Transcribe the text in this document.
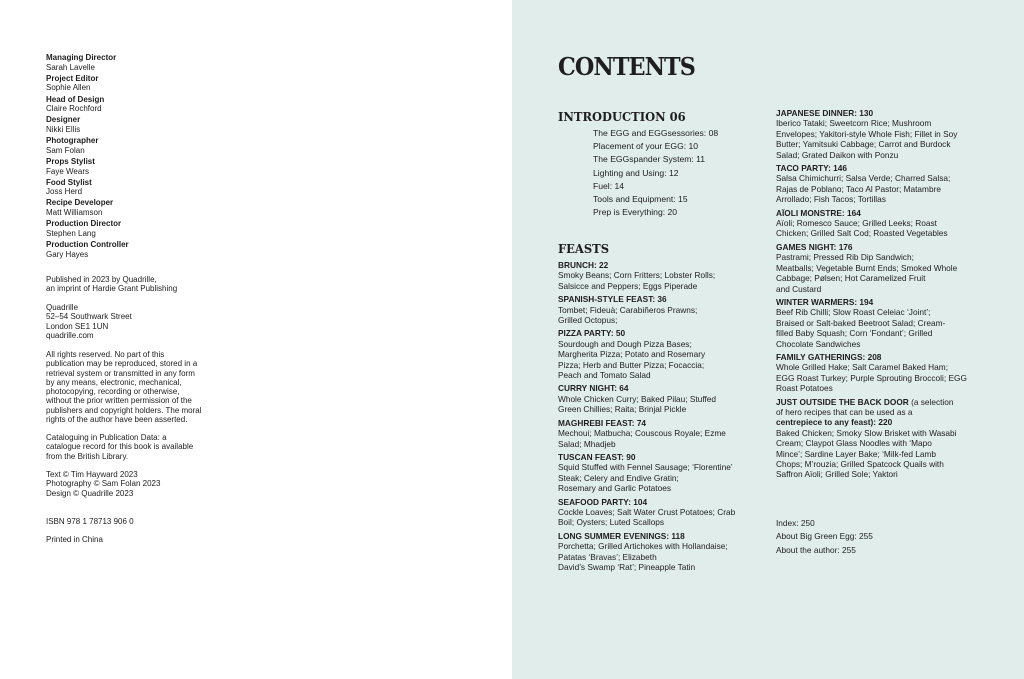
Managing Director
Sarah Lavelle
Project Editor
Sophie Allen
Head of Design
Claire Rochford
Designer
Nikki Ellis
Photographer
Sam Folan
Props Stylist
Faye Wears
Food Stylist
Joss Herd
Recipe Developer
Matt Williamson
Production Director
Stephen Lang
Production Controller
Gary Hayes
Published in 2023 by Quadrille,
an imprint of Hardie Grant Publishing
Quadrille
52–54 Southwark Street
London SE1 1UN
quadrille.com
All rights reserved. No part of this
publication may be reproduced, stored in a
retrieval system or transmitted in any form
by any means, electronic, mechanical,
photocopying, recording or otherwise,
without the prior written permission of the
publishers and copyright holders. The moral
rights of the author have been asserted.
Cataloguing in Publication Data: a
catalogue record for this book is available
from the British Library.
Text © Tim Hayward 2023
Photography © Sam Folan 2023
Design © Quadrille 2023
ISBN 978 1 78713 906 0
Printed in China
CONTENTS
INTRODUCTION 06
The EGG and EGGsessories: 08
Placement of your EGG: 10
The EGGspander System: 11
Lighting and Using: 12
Fuel: 14
Tools and Equipment: 15
Prep is Everything: 20
FEASTS
BRUNCH: 22
Smoky Beans; Corn Fritters; Lobster Rolls;
Salsicce and Peppers; Eggs Piperade
SPANISH-STYLE FEAST: 36
Tombet; Fideuà; Carabiñeros Prawns;
Grilled Octopus;
PIZZA PARTY: 50
Sourdough and Dough Pizza Bases;
Margherita Pizza; Potato and Rosemary
Pizza; Herb and Butter Pizza; Focaccia;
Peach and Tomato Salad
CURRY NIGHT: 64
Whole Chicken Curry; Baked Pilau; Stuffed
Green Chillies; Raita; Brinjal Pickle
MAGHREBI FEAST: 74
Mechoui; Matbucha; Couscous Royale; Ezme
Salad; Mhadjeb
TUSCAN FEAST: 90
Squid Stuffed with Fennel Sausage; ‘Florentine’
Steak; Celery and Endive Gratin;
Rosemary and Garlic Potatoes
SEAFOOD PARTY: 104
Cockle Loaves; Salt Water Crust Potatoes; Crab
Boil; Oysters; Luted Scallops
LONG SUMMER EVENINGS: 118
Porchetta; Grilled Artichokes with Hollandaise;
Patatas ‘Bravas’; Elizabeth
David’s Swamp ‘Rat’; Pineapple Tatin
JAPANESE DINNER: 130
Iberico Tataki; Sweetcorn Rice; Mushroom
Envelopes; Yakitori-style Whole Fish; Fillet in Soy
Butter; Yamitsuki Cabbage; Carrot and Burdock
Salad; Grated Daikon with Ponzu
TACO PARTY: 146
Salsa Chimichurri; Salsa Verde; Charred Salsa;
Rajas de Poblano; Taco Al Pastor; Matambre
Arrollado; Fish Tacos; Tortillas
AÏOLI MONSTRE: 164
Aïoli; Romesco Sauce; Grilled Leeks; Roast
Chicken; Grilled Salt Cod; Roasted Vegetables
GAMES NIGHT: 176
Pastrami; Pressed Rib Dip Sandwich;
Meatballs; Vegetable Burnt Ends; Smoked Whole
Cabbage; Pølsen; Hot Caramelized Fruit
and Custard
WINTER WARMERS: 194
Beef Rib Chilli; Slow Roast Celeiac ‘Joint’;
Braised or Salt-baked Beetroot Salad; Cream-
filled Baby Squash; Corn ‘Fondant’; Grilled
Chocolate Sandwiches
FAMILY GATHERINGS: 208
Whole Grilled Hake; Salt Caramel Baked Ham;
EGG Roast Turkey; Purple Sprouting Broccoli; EGG
Roast Potatoes
JUST OUTSIDE THE BACK DOOR (a selection
of hero recipes that can be used as a
centrepiece to any feast): 220
Baked Chicken; Smoky Slow Brisket with Wasabi
Cream; Claypot Glass Noodles with ‘Mapo
Mince’; Sardine Layer Bake; ‘Milk-fed Lamb
Chops; M’rouzia; Grilled Spatcock Quails with
Saffron Aïoli; Grilled Sole; Yaktori
Index: 250
About Big Green Egg: 255
About the author: 255
